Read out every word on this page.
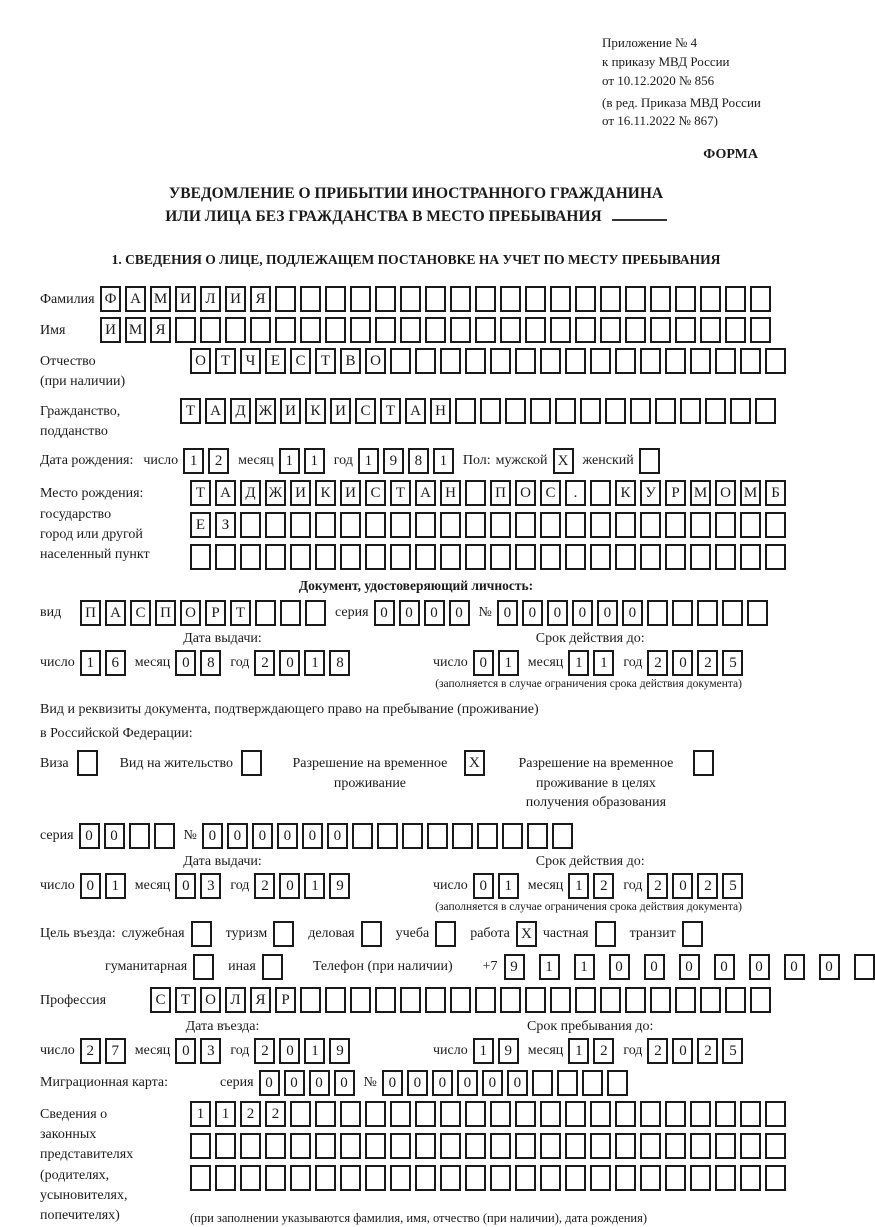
Приложение № 4
к приказу МВД России
от 10.12.2020 № 856
(в ред. Приказа МВД России
от 16.11.2022 № 867)
ФОРМА
УВЕДОМЛЕНИЕ О ПРИБЫТИИ ИНОСТРАННОГО ГРАЖДАНИНА
ИЛИ ЛИЦА БЕЗ ГРАЖДАНСТВА В МЕСТО ПРЕБЫВАНИЯ
1. СВЕДЕНИЯ О ЛИЦЕ, ПОДЛЕЖАЩЕМ ПОСТАНОВКЕ НА УЧЕТ ПО МЕСТУ ПРЕБЫВАНИЯ
Фамилия Ф А М И Л И Я
Имя	И М Я
Отчество
(при наличии)
О Т	Ч	Е	С	Т	В О
Гражданство,
подданство
Т	А Д Ж И К И С	Т	А Н
Дата рождения: число 1	2	месяц 1	1	год 1	9	8	1	Пол: мужской X	женский
Место рождения:
государство
город или другой
населенный пункт
Т	А Д Ж И К И С	Т	А Н	П О С	.	К У	Р М О М Б
Е	З
Документ, удостоверяющий личность:
вид	П А С П О	Р	Т	серия 0	0	0	0	№ 0	0	0	0	0	0
Дата выдачи:
число 1	6	месяц 0	8	год 2	0	1	8
Срок действия до:
число 0	1	месяц 1	1	год 2	0	2	5
(заполняется в случае ограничения срока действия документа)
Вид и реквизиты документа, подтверждающего право на пребывание (проживание)
в Российской Федерации:
Виза	Вид на жительство	Разрешение на временное проживание
X	Разрешение на временное проживание в целях получения образования
серия 0	0	№ 0	0	0	0	0	0
Дата выдачи:
число 0	1	месяц 0	3	год 2	0	1	9
Срок действия до:
число 0	1	месяц 1	2	год 2	0	2	5
(заполняется в случае ограничения срока действия документа)
Цель въезда: служебная	туризм	деловая	учеба	работа X частная	транзит
гуманитарная	иная	Телефон (при наличии) +7 9	1	1	0	0	0	0	0	0	0
Профессия	С	Т	О Л Я	Р
Дата въезда:
число 2	7	месяц 0	3	год 2	0	1	9
Срок пребывания до:
число 1	9	месяц 1	2	год 2	0	2	5
Миграционная карта:	серия 0	0	0	0	№ 0	0	0	0	0	0
Сведения о
законных
представителях
(родителях,
усыновителях,
попечителях)
1	1	2	2
(при заполнении указываются фамилия, имя, отчество (при наличии), дата рождения)
